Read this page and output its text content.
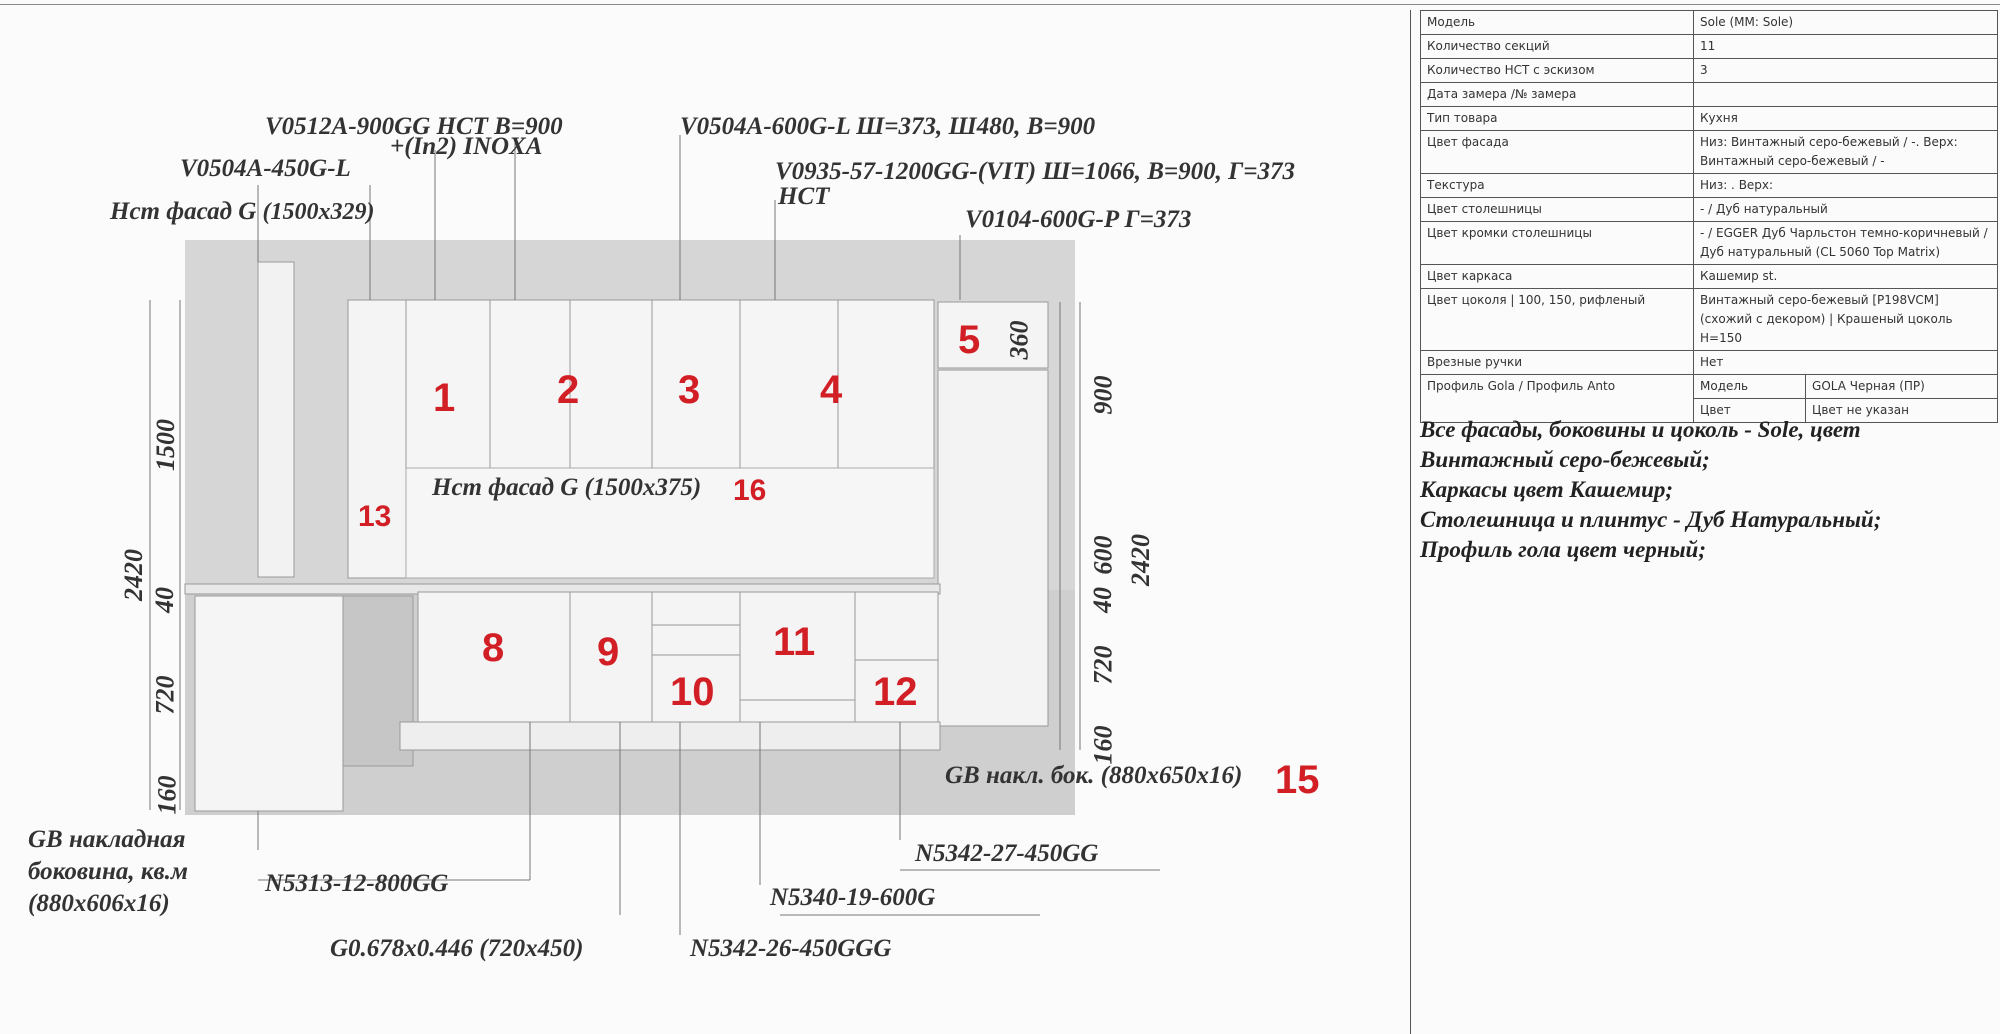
V0512A-900GG НСТ B=900
+(In2) INOXA
V0504A-600G-L Ш=373, Ш480, B=900
V0504A-450G-L	V0935-57-1200GG-(VIT) Ш=1066, B=900, Г=373
НСТ
V0104-600G-P Г=373
Нст фасад G (1500x329)
Нст фасад G (1500x375)
GB накл. бок. (880x650x16)
GB накладная
боковина, кв.м
(880x606x16)
N5313-12-800GG
G0.678x0.446 (720x450)	N5342-26-450GGG
N5340-19-600G
N5342-27-450GG
1	2 3	4
5
8 9
10
11
12
13
15
16
1500
2420 40
720
160
360
900
600
40
720
160
2420
Модель	Sole (MM: Sole)	
Количество секций	11	
Количество НСТ с эскизом	3	
Дата замера /№ замера		
Тип товара	Кухня	
Цвет фасада	Низ: Винтажный серо-бежевый / -. Верх: Винтажный серо-бежевый / -	
Текстура	Низ: . Верх:	
Цвет столешницы	- / Дуб натуральный	
Цвет кромки столешницы	- / EGGER Дуб Чарльстон темно-коричневый /Дуб натуральный (CL 5060 Top Matrix)	
Цвет каркаса	Кашемир st.	
Цвет цоколя | 100, 150, рифленый	Винтажный серо-бежевый [P198VCM] (схожий с декором) | Крашеный цоколь H=150	
Врезные ручки	Нет	
Профиль Gola / Профиль Anto	Модель	GOLA Черная (ПР)
	Цвет	Цвет не указан
Все фасады, боковины и цоколь - Sole, цвет
Винтажный серо-бежевый;
Каркасы цвет Кашемир;
Столешница и плинтус - Дуб Натуральный;
Профиль гола цвет черный;
